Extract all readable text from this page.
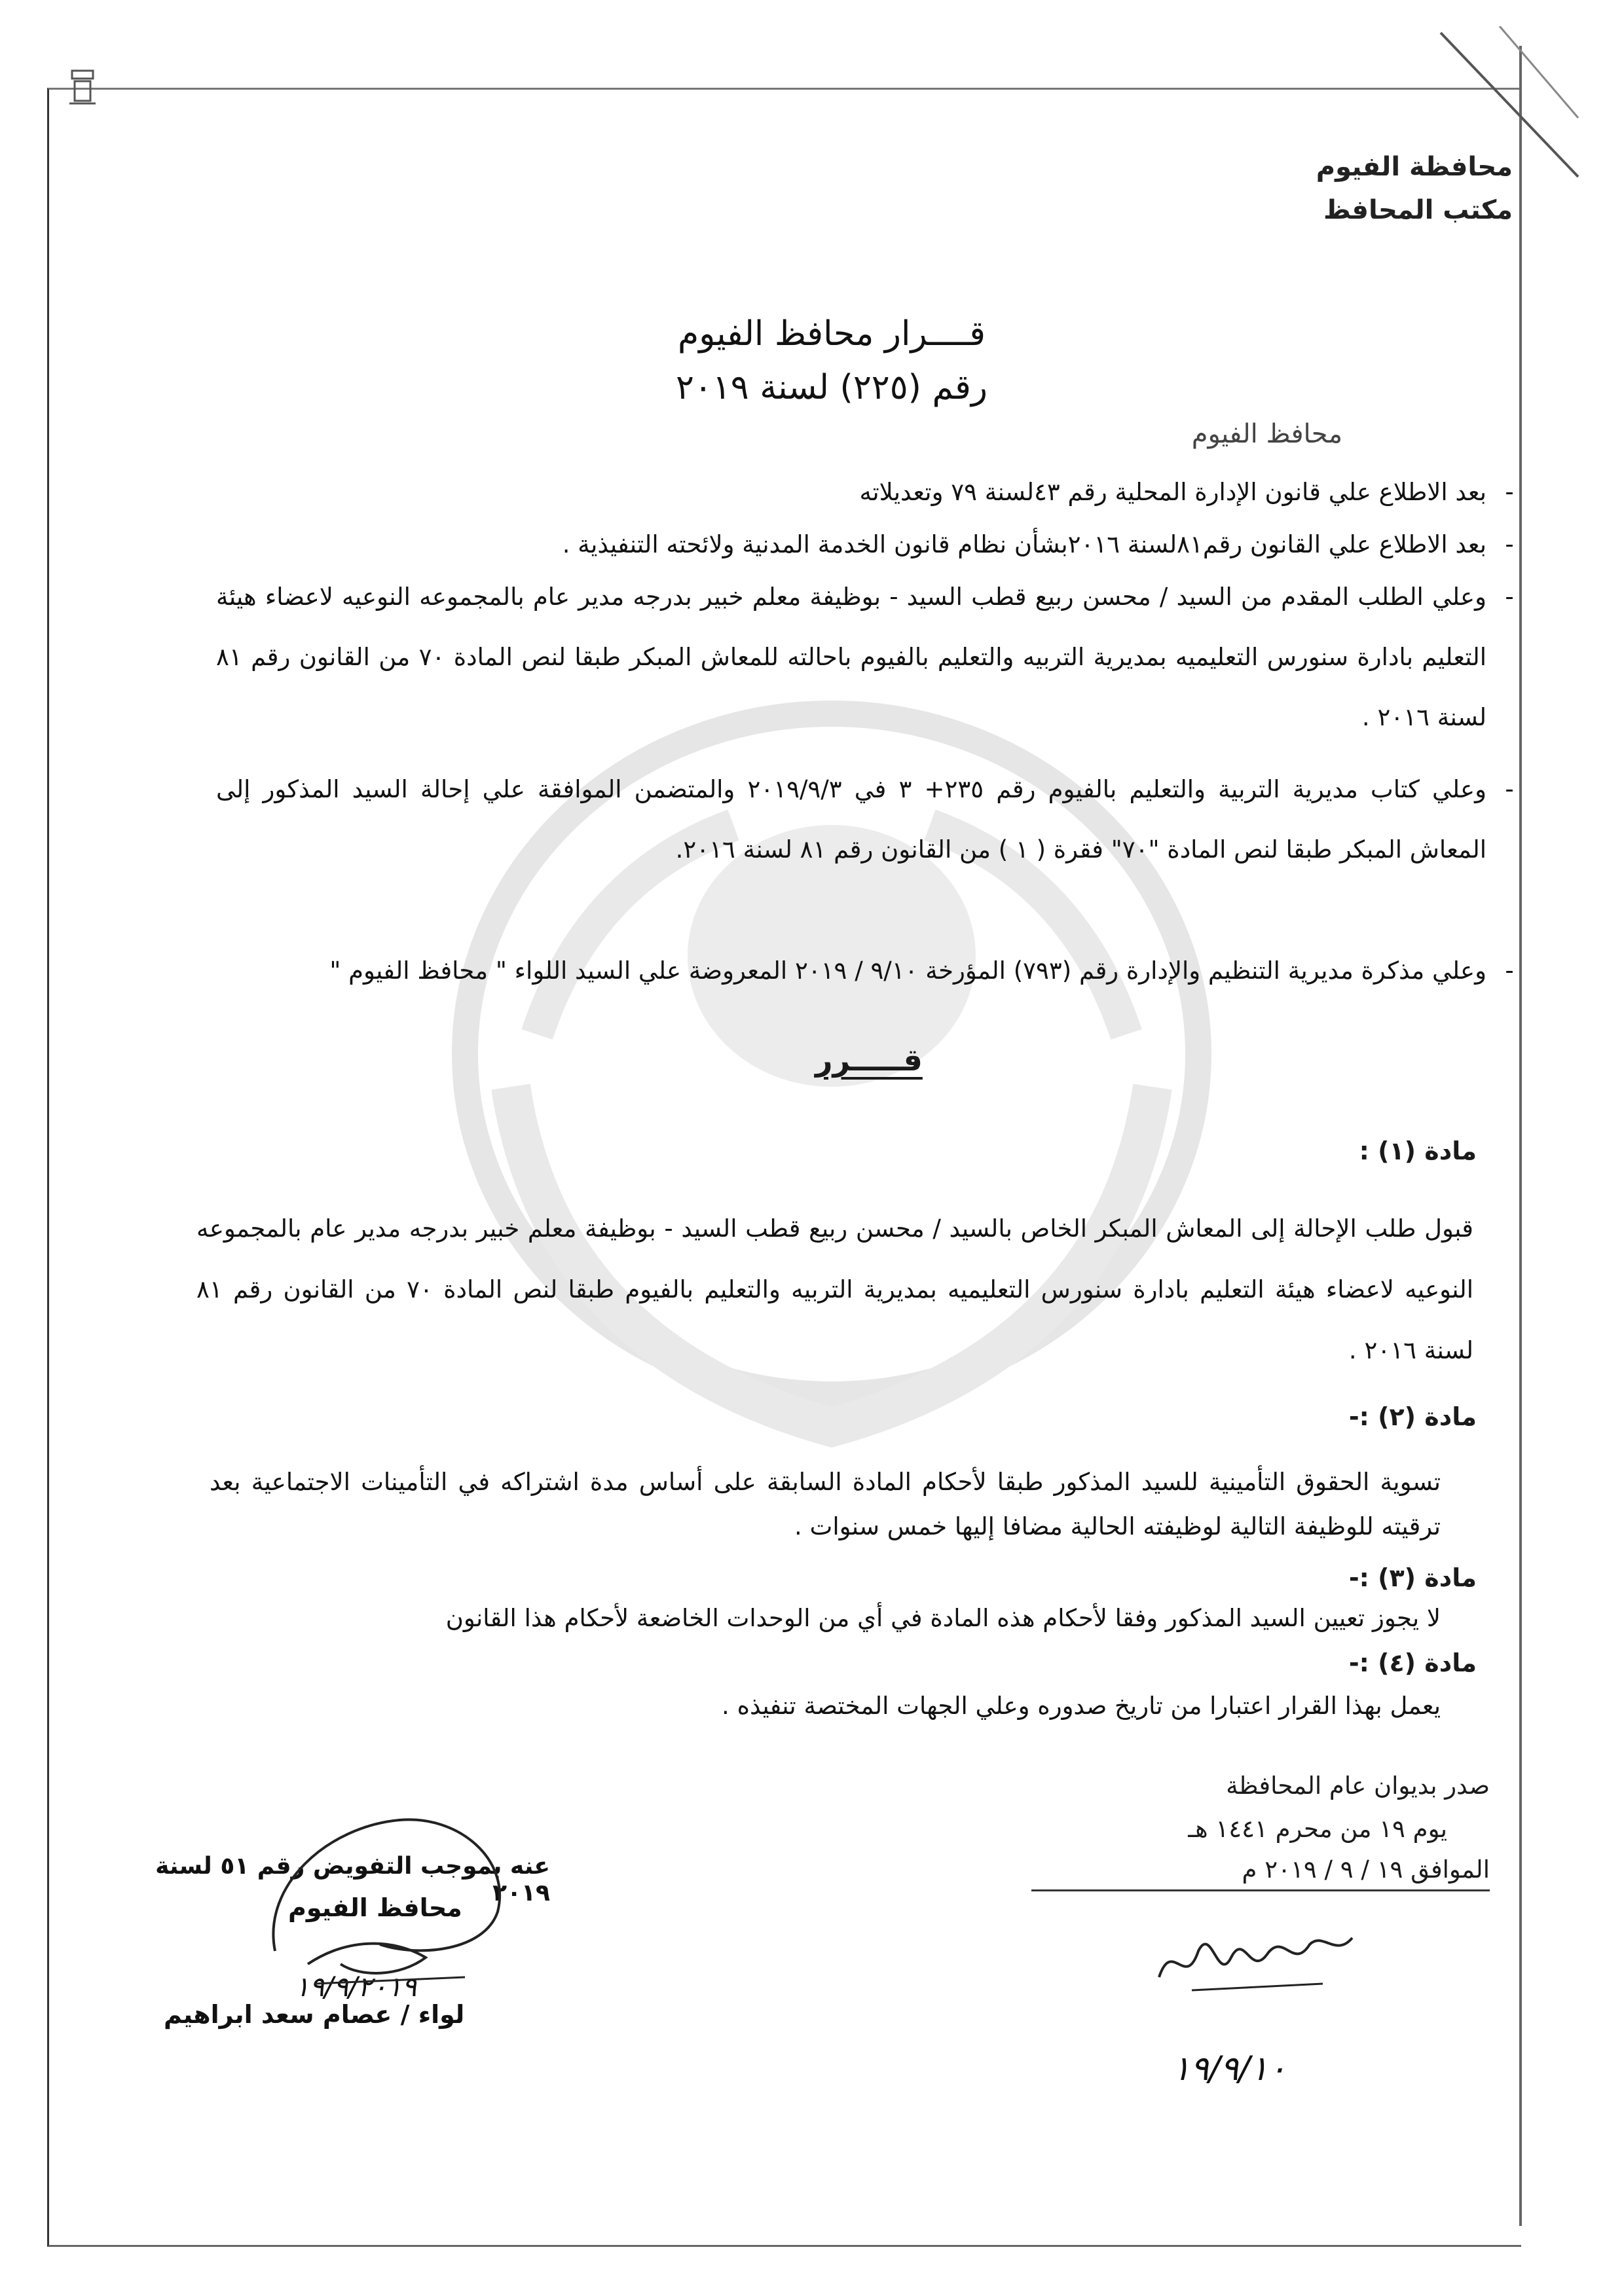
محافظة الفيوم
مكتب المحافظ
قــــرار محافظ الفيوم
رقم (٢٢٥) لسنة ٢٠١٩
محافظ الفيوم
-
بعد الاطلاع علي قانون الإدارة المحلية رقم ٤٣لسنة ٧٩ وتعديلاته
-
بعد الاطلاع علي القانون رقم٨١لسنة ٢٠١٦بشأن نظام قانون الخدمة المدنية ولائحته التنفيذية .
-
وعلي الطلب المقدم من السيد / محسن ربيع قطب السيد - بوظيفة معلم خبير بدرجه مدير عام بالمجموعه النوعيه لاعضاء هيئة التعليم بادارة سنورس التعليميه بمديرية التربيه والتعليم بالفيوم باحالته للمعاش المبكر طبقا لنص المادة ٧٠ من القانون رقم ٨١ لسنة ٢٠١٦ .
-
وعلي كتاب مديرية التربية والتعليم بالفيوم رقم ٢٣٥+ ٣ في ٢٠١٩/٩/٣ والمتضمن الموافقة علي إحالة السيد المذكور إلى المعاش المبكر طبقا لنص المادة "٧٠" فقرة ( ١ ) من القانون رقم ٨١ لسنة ٢٠١٦.
-
وعلي مذكرة مديرية التنظيم والإدارة رقم (٧٩٣) المؤرخة ٩/١٠ / ٢٠١٩ المعروضة علي السيد اللواء " محافظ الفيوم "
قـــــرر
مادة (١) :
قبول طلب الإحالة إلى المعاش المبكر الخاص بالسيد / محسن ربيع قطب السيد - بوظيفة معلم خبير بدرجه مدير عام بالمجموعه النوعيه لاعضاء هيئة التعليم بادارة سنورس التعليميه بمديرية التربيه والتعليم بالفيوم طبقا لنص المادة ٧٠ من القانون رقم ٨١ لسنة ٢٠١٦ .
مادة (٢) :-
تسوية الحقوق التأمينية للسيد المذكور طبقا لأحكام المادة السابقة على أساس مدة اشتراكه في التأمينات الاجتماعية بعد ترقيته للوظيفة التالية لوظيفته الحالية مضافا إليها خمس سنوات .
مادة (٣) :-
لا يجوز تعيين السيد المذكور وفقا لأحكام هذه المادة في أي من الوحدات الخاضعة لأحكام هذا القانون
مادة (٤) :-
يعمل بهذا القرار اعتبارا من تاريخ صدوره وعلي الجهات المختصة تنفيذه .
صدر بديوان عام المحافظة
يوم ١٩ من محرم ١٤٤١ هـ
الموافق ١٩ / ٩ / ٢٠١٩ م
عنه بموجب التفويض رقم ٥١ لسنة ٢٠١٩
محافظ الفيوم
١٩/٩/٢٠١٩
لواء / عصام سعد ابراهيم
١٩/٩/١٠
